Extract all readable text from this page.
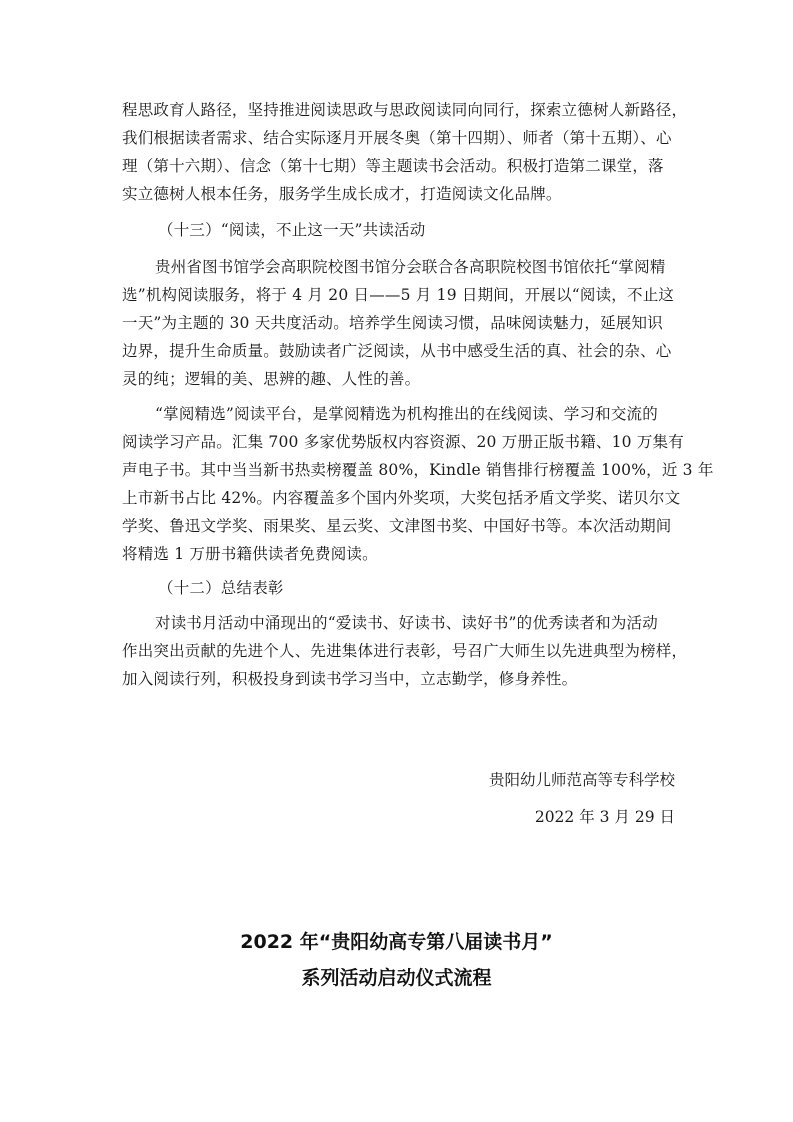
程思政育人路径，坚持推进阅读思政与思政阅读同向同行，探索立德树人新路径，
我们根据读者需求、结合实际逐月开展冬奥（第十四期）、师者（第十五期）、心
理（第十六期）、信念（第十七期）等主题读书会活动。积极打造第二课堂，落
实立德树人根本任务，服务学生成长成才，打造阅读文化品牌。
（十三）“阅读，不止这一天”共读活动
贵州省图书馆学会高职院校图书馆分会联合各高职院校图书馆依托“掌阅精
选”机构阅读服务，将于 4 月 20 日——5 月 19 日期间，开展以“阅读，不止这
一天”为主题的 30 天共度活动。培养学生阅读习惯，品味阅读魅力，延展知识
边界，提升生命质量。鼓励读者广泛阅读，从书中感受生活的真、社会的杂、心
灵的纯；逻辑的美、思辨的趣、人性的善。
“掌阅精选”阅读平台，是掌阅精选为机构推出的在线阅读、学习和交流的
阅读学习产品。汇集 700 多家优势版权内容资源、20 万册正版书籍、10 万集有
声电子书。其中当当新书热卖榜覆盖 80%，Kindle 销售排行榜覆盖 100%，近 3 年
上市新书占比 42%。内容覆盖多个国内外奖项，大奖包括矛盾文学奖、诺贝尔文
学奖、鲁迅文学奖、雨果奖、星云奖、文津图书奖、中国好书等。本次活动期间
将精选 1 万册书籍供读者免费阅读。
（十二）总结表彰
对读书月活动中涌现出的“爱读书、好读书、读好书”的优秀读者和为活动
作出突出贡献的先进个人、先进集体进行表彰，号召广大师生以先进典型为榜样，
加入阅读行列，积极投身到读书学习当中，立志勤学，修身养性。
贵阳幼儿师范高等专科学校
2022 年 3 月 29 日
2022 年“贵阳幼高专第八届读书月”
系列活动启动仪式流程
